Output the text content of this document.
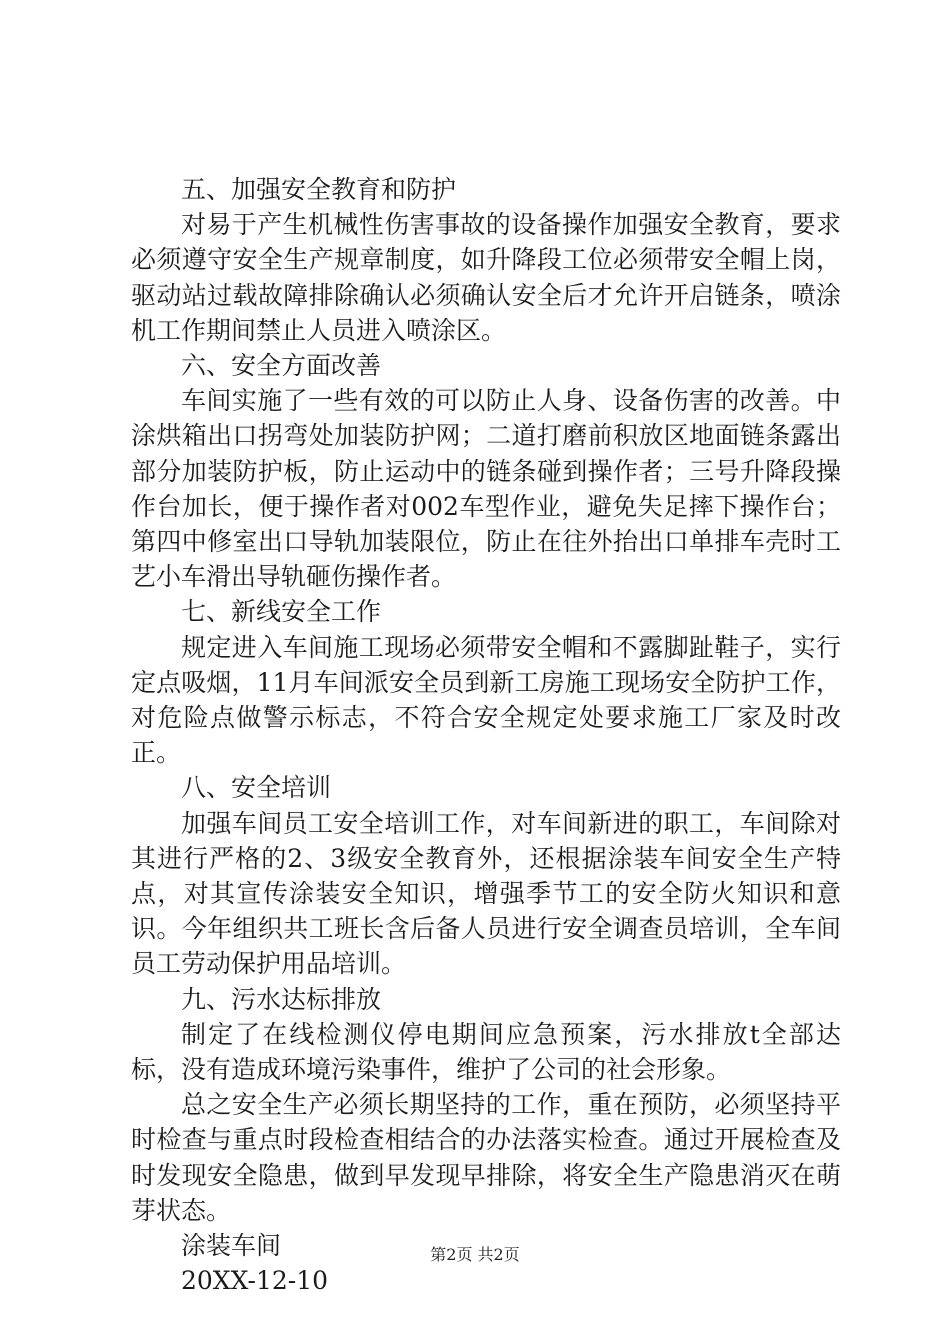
五、加强安全教育和防护

对易于产生机械性伤害事故的设备操作加强安全教育，要求必须遵守安全生产规章制度，如升降段工位必须带安全帽上岗，驱动站过载故障排除确认必须确认安全后才允许开启链条，喷涂机工作期间禁止人员进入喷涂区。

六、安全方面改善

车间实施了一些有效的可以防止人身、设备伤害的改善。中涂烘箱出口拐弯处加装防护网；二道打磨前积放区地面链条露出部分加装防护板，防止运动中的链条碰到操作者；三号升降段操作台加长，便于操作者对002车型作业，避免失足摔下操作台；第四中修室出口导轨加装限位，防止在往外抬出口单排车壳时工艺小车滑出导轨砸伤操作者。

七、新线安全工作

规定进入车间施工现场必须带安全帽和不露脚趾鞋子，实行定点吸烟，11月车间派安全员到新工房施工现场安全防护工作，对危险点做警示标志，不符合安全规定处要求施工厂家及时改正。

八、安全培训

加强车间员工安全培训工作，对车间新进的职工，车间除对其进行严格的2、3级安全教育外，还根据涂装车间安全生产特点，对其宣传涂装安全知识，增强季节工的安全防火知识和意识。今年组织共工班长含后备人员进行安全调查员培训，全车间员工劳动保护用品培训。

九、污水达标排放

制定了在线检测仪停电期间应急预案，污水排放t全部达标，没有造成环境污染事件，维护了公司的社会形象。

总之安全生产必须长期坚持的工作，重在预防，必须坚持平时检查与重点时段检查相结合的办法落实检查。通过开展检查及时发现安全隐患，做到早发现早排除，将安全生产隐患消灭在萌芽状态。

涂装车间

20XX-12-10

第2页 共2页
